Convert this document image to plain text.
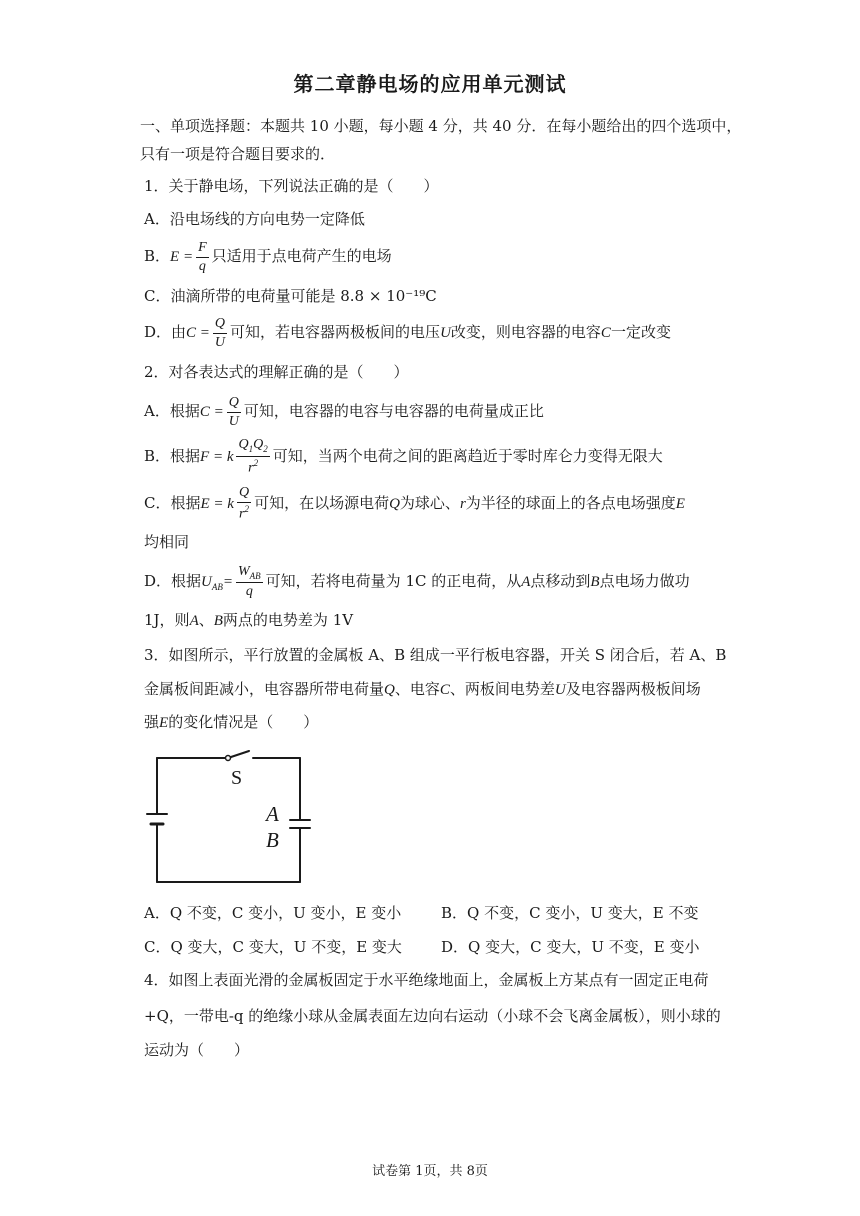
第二章静电场的应用单元测试
一、单项选择题：本题共 10 小题，每小题 4 分，共 40 分．在每小题给出的四个选项中，
只有一项是符合题目要求的．
1．关于静电场，下列说法正确的是（　　）
A．沿电场线的方向电势一定降低
B．$E = \frac{F}{q}$ 只适用于点电荷产生的电场
C．油滴所带的电荷量可能是 8.8 × 10⁻¹⁹C
D．由$C = \frac{Q}{U}$ 可知，若电容器两极板间的电压U改变，则电容器的电容C一定改变
2．对各表达式的理解正确的是（　　）
A．根据$C = \frac{Q}{U}$ 可知，电容器的电容与电容器的电荷量成正比
B．根据F = k $\frac{Q_1Q_2}{r^2}$ 可知，当两个电荷之间的距离趋近于零时库仑力变得无限大
C．根据E = k $\frac{Q}{r^2}$ 可知，在以场源电荷Q为球心、r为半径的球面上的各点电场强度E
均相同
D．根据$U_{AB}= \frac{W_{AB}}{q}$ 可知，若将电荷量为 1C 的正电荷，从A点移动到B点电场力做功
1J，则A、B两点的电势差为 1V
3．如图所示，平行放置的金属板 A、B 组成一平行板电容器，开关 S 闭合后，若 A、B
金属板间距减小，电容器所带电荷量Q、电容C、两板间电势差U及电容器两极板间场
强E的变化情况是（　　）
S
A
B
A．Q 不变，C 变小，U 变小，E 变小	B．Q 不变，C 变小，U 变大，E 不变
C．Q 变大，C 变大，U 不变，E 变大	D．Q 变大，C 变大，U 不变，E 变小
4．如图上表面光滑的金属板固定于水平绝缘地面上，金属板上方某点有一固定正电荷
+Q，一带电-q 的绝缘小球从金属表面左边向右运动（小球不会飞离金属板），则小球的
运动为（　　）
试卷第 1页，共 8页
